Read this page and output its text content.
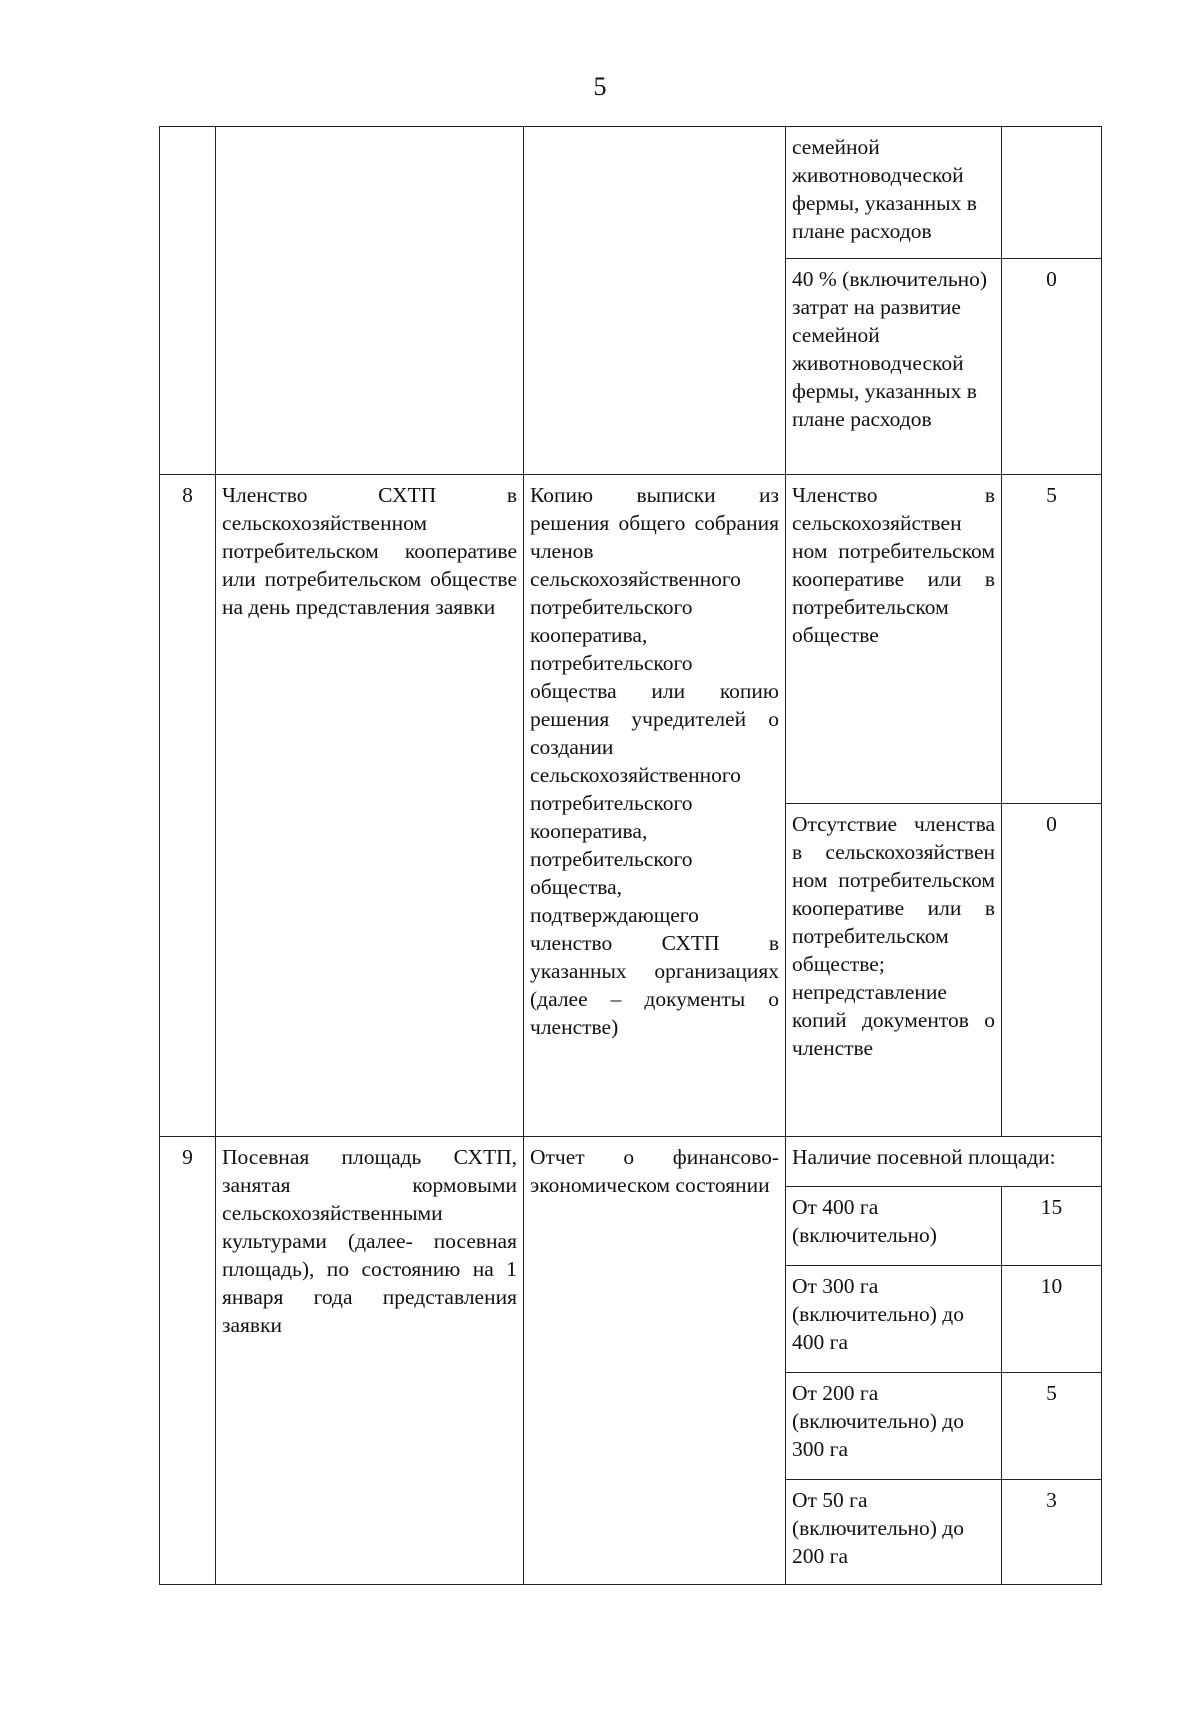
5
			семейной животноводческой фермы, указанных в плане расходов	
			40 % (включительно) затрат на развитие семейной животноводческой фермы, указанных в плане расходов	0
8	Членство СХТП в сельскохозяйственном потребительском кооперативе или потребительском обществе на день представления заявки	Копию выписки из решения общего собрания членов сельскохозяйственного потребительского кооператива, потребительского общества или копию решения учредителей о создании сельскохозяйственного потребительского кооператива, потребительского общества, подтверждающего членство СХТП в указанных организациях (далее – документы о членстве)	Членство в сельскохозяйствен ном потребительском кооперативе или в потребительском обществе	5
			Отсутствие членства в сельскохозяйствен ном потребительском кооперативе или в потребительском обществе; непредставление копий документов о членстве	0
9	Посевная площадь СХТП, занятая кормовыми сельскохозяйственными культурами (далее- посевная площадь), по состоянию на 1 января года представления заявки	Отчет о финансово-экономическом состоянии	Наличие посевной площади:	
			От 400 га (включительно)	15
			От 300 га (включительно) до 400 га	10
			От 200 га (включительно) до 300 га	5
			От 50 га (включительно) до 200 га	3
